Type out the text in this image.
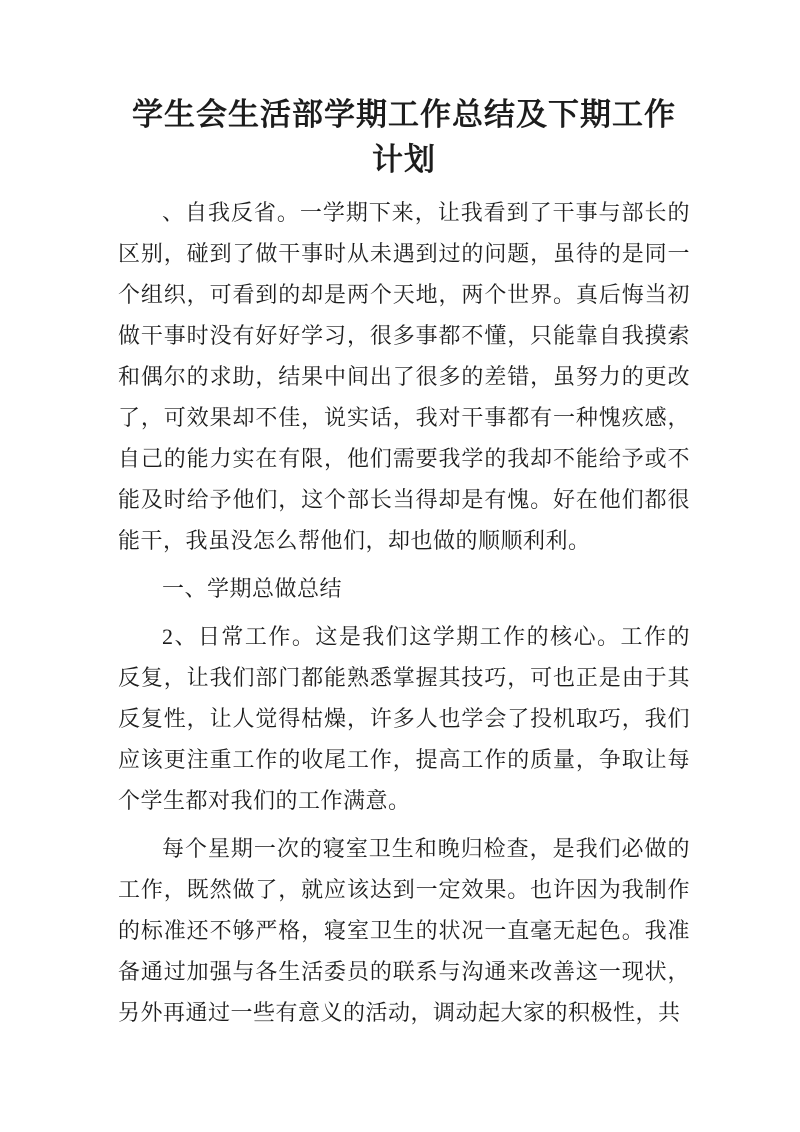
学生会生活部学期工作总结及下期工作
计划

、自我反省。一学期下来，让我看到了干事与部长的区别，碰到了做干事时从未遇到过的问题，虽待的是同一个组织，可看到的却是两个天地，两个世界。真后悔当初做干事时没有好好学习，很多事都不懂，只能靠自我摸索和偶尔的求助，结果中间出了很多的差错，虽努力的更改了，可效果却不佳，说实话，我对干事都有一种愧疚感，自己的能力实在有限，他们需要我学的我却不能给予或不能及时给予他们，这个部长当得却是有愧。好在他们都很能干，我虽没怎么帮他们，却也做的顺顺利利。

一、学期总做总结

2、日常工作。这是我们这学期工作的核心。工作的反复，让我们部门都能熟悉掌握其技巧，可也正是由于其反复性，让人觉得枯燥，许多人也学会了投机取巧，我们应该更注重工作的收尾工作，提高工作的质量，争取让每个学生都对我们的工作满意。

每个星期一次的寝室卫生和晚归检查，是我们必做的工作，既然做了，就应该达到一定效果。也许因为我制作的标准还不够严格，寝室卫生的状况一直毫无起色。我准备通过加强与各生活委员的联系与沟通来改善这一现状，另外再通过一些有意义的活动，调动起大家的积极性，共
